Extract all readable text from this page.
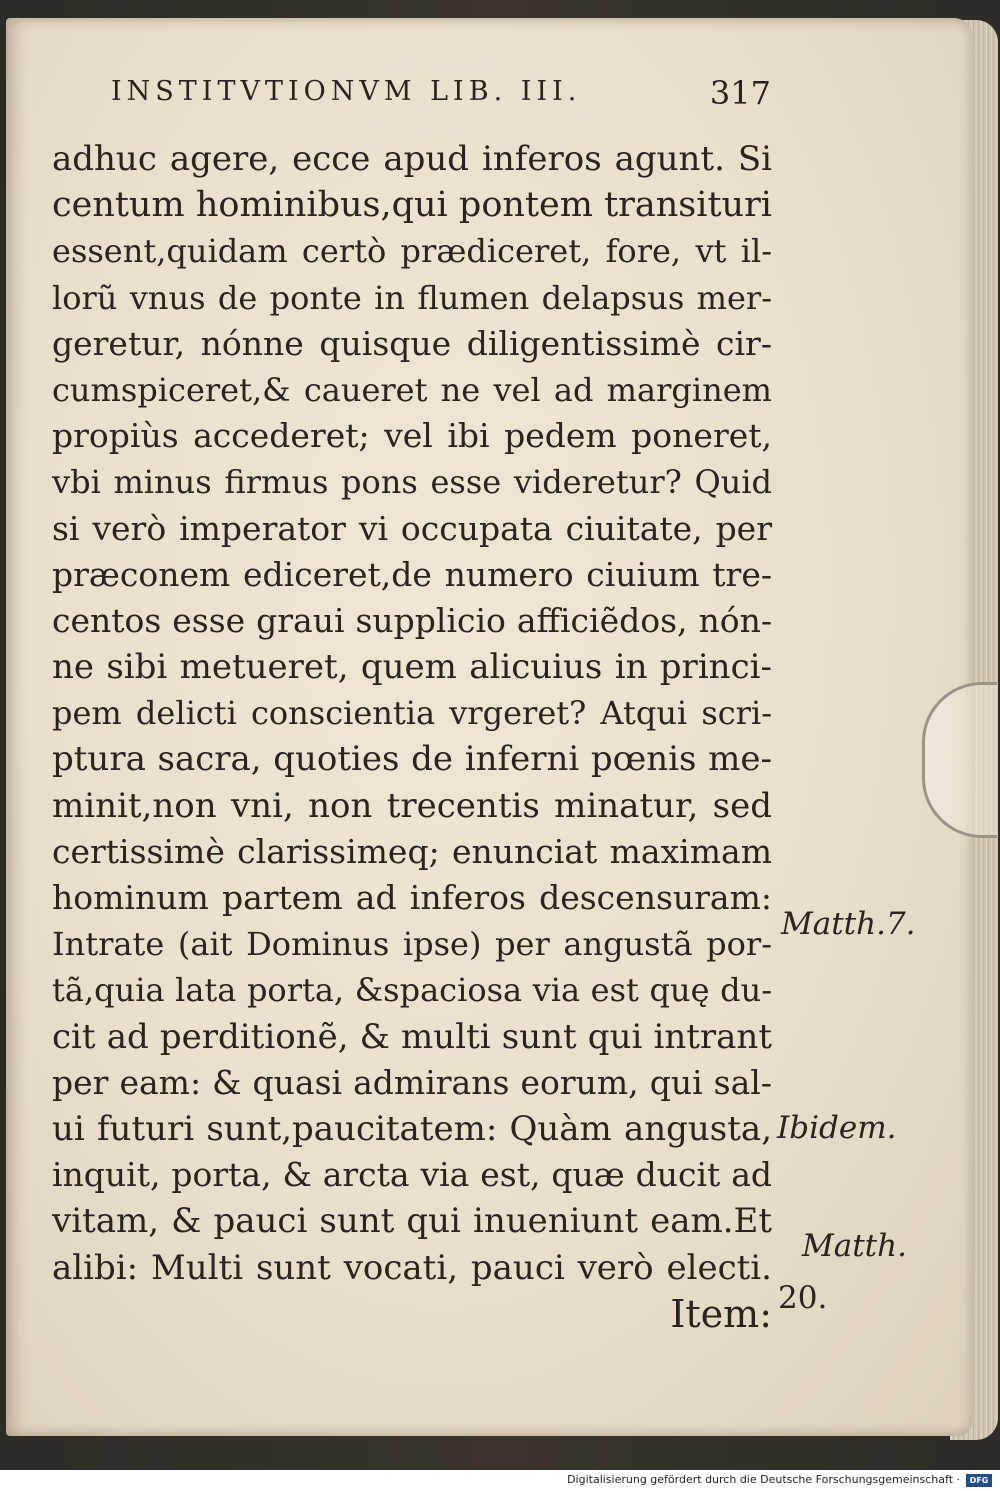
INSTITVTIONVM LIB. III.	317
adhuc agere, ecce apud inferos agunt. Si
centum hominibus,qui pontem transituri
essent,quidam certò prædiceret, fore, vt il-
lorũ vnus de ponte in flumen delapsus mer-
geretur, nónne quisque diligentissimè cir-
cumspiceret,& caueret ne vel ad marginem
propiùs accederet; vel ibi pedem poneret,
vbi minus firmus pons esse videretur? Quid
si verò imperator vi occupata ciuitate, per
præconem ediceret,de numero ciuium tre-
centos esse graui supplicio afficiẽdos, nón-
ne sibi metueret, quem alicuius in princi-
pem delicti conscientia vrgeret? Atqui scri-
ptura sacra, quoties de inferni pœnis me-
minit,non vni, non trecentis minatur, sed
certissimè clarissimeq; enunciat maximam
hominum partem ad inferos descensuram:
Intrate (ait Dominus ipse) per angustã por-
tã,quia lata porta, &spaciosa via est quę du-
cit ad perditionẽ, & multi sunt qui intrant
per eam: & quasi admirans eorum, qui sal-
ui futuri sunt,paucitatem: Quàm angusta,
inquit, porta, & arcta via est, quæ ducit ad
vitam, & pauci sunt qui inueniunt eam.Et
alibi: Multi sunt vocati, pauci verò electi.
Item:
Matth.7.
Ibidem.
Matth.
20.
Digitalisierung gefördert durch die Deutsche Forschungsgemeinschaft ·	DFG
